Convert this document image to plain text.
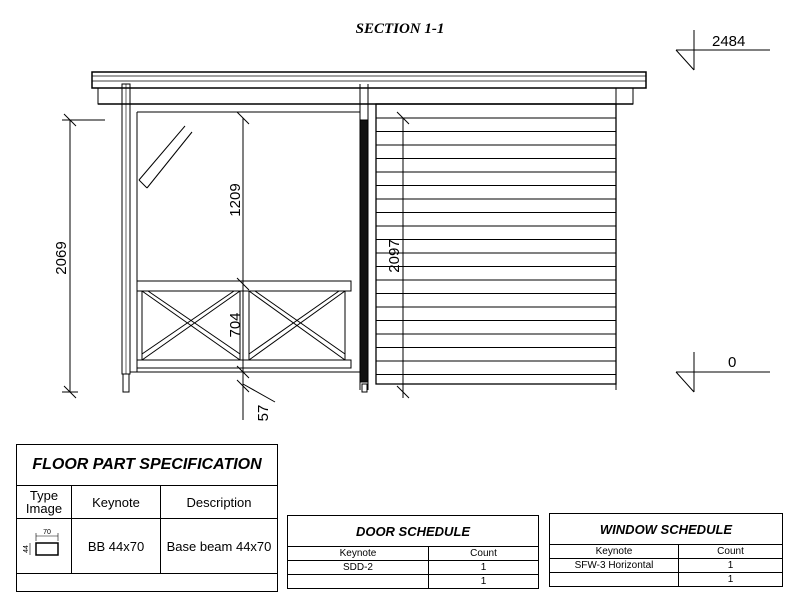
SECTION 1-1
2069
1209
704
57
2097
2484
0
FLOOR PART SPECIFICATION		
Type Image	Keynote	Description

70
44	BB 44x70	Base beam 44x70

DOOR SCHEDULE	
Keynote	Count
SDD-2	1
	1
WINDOW SCHEDULE	
Keynote	Count
SFW-3 Horizontal	1
	1
